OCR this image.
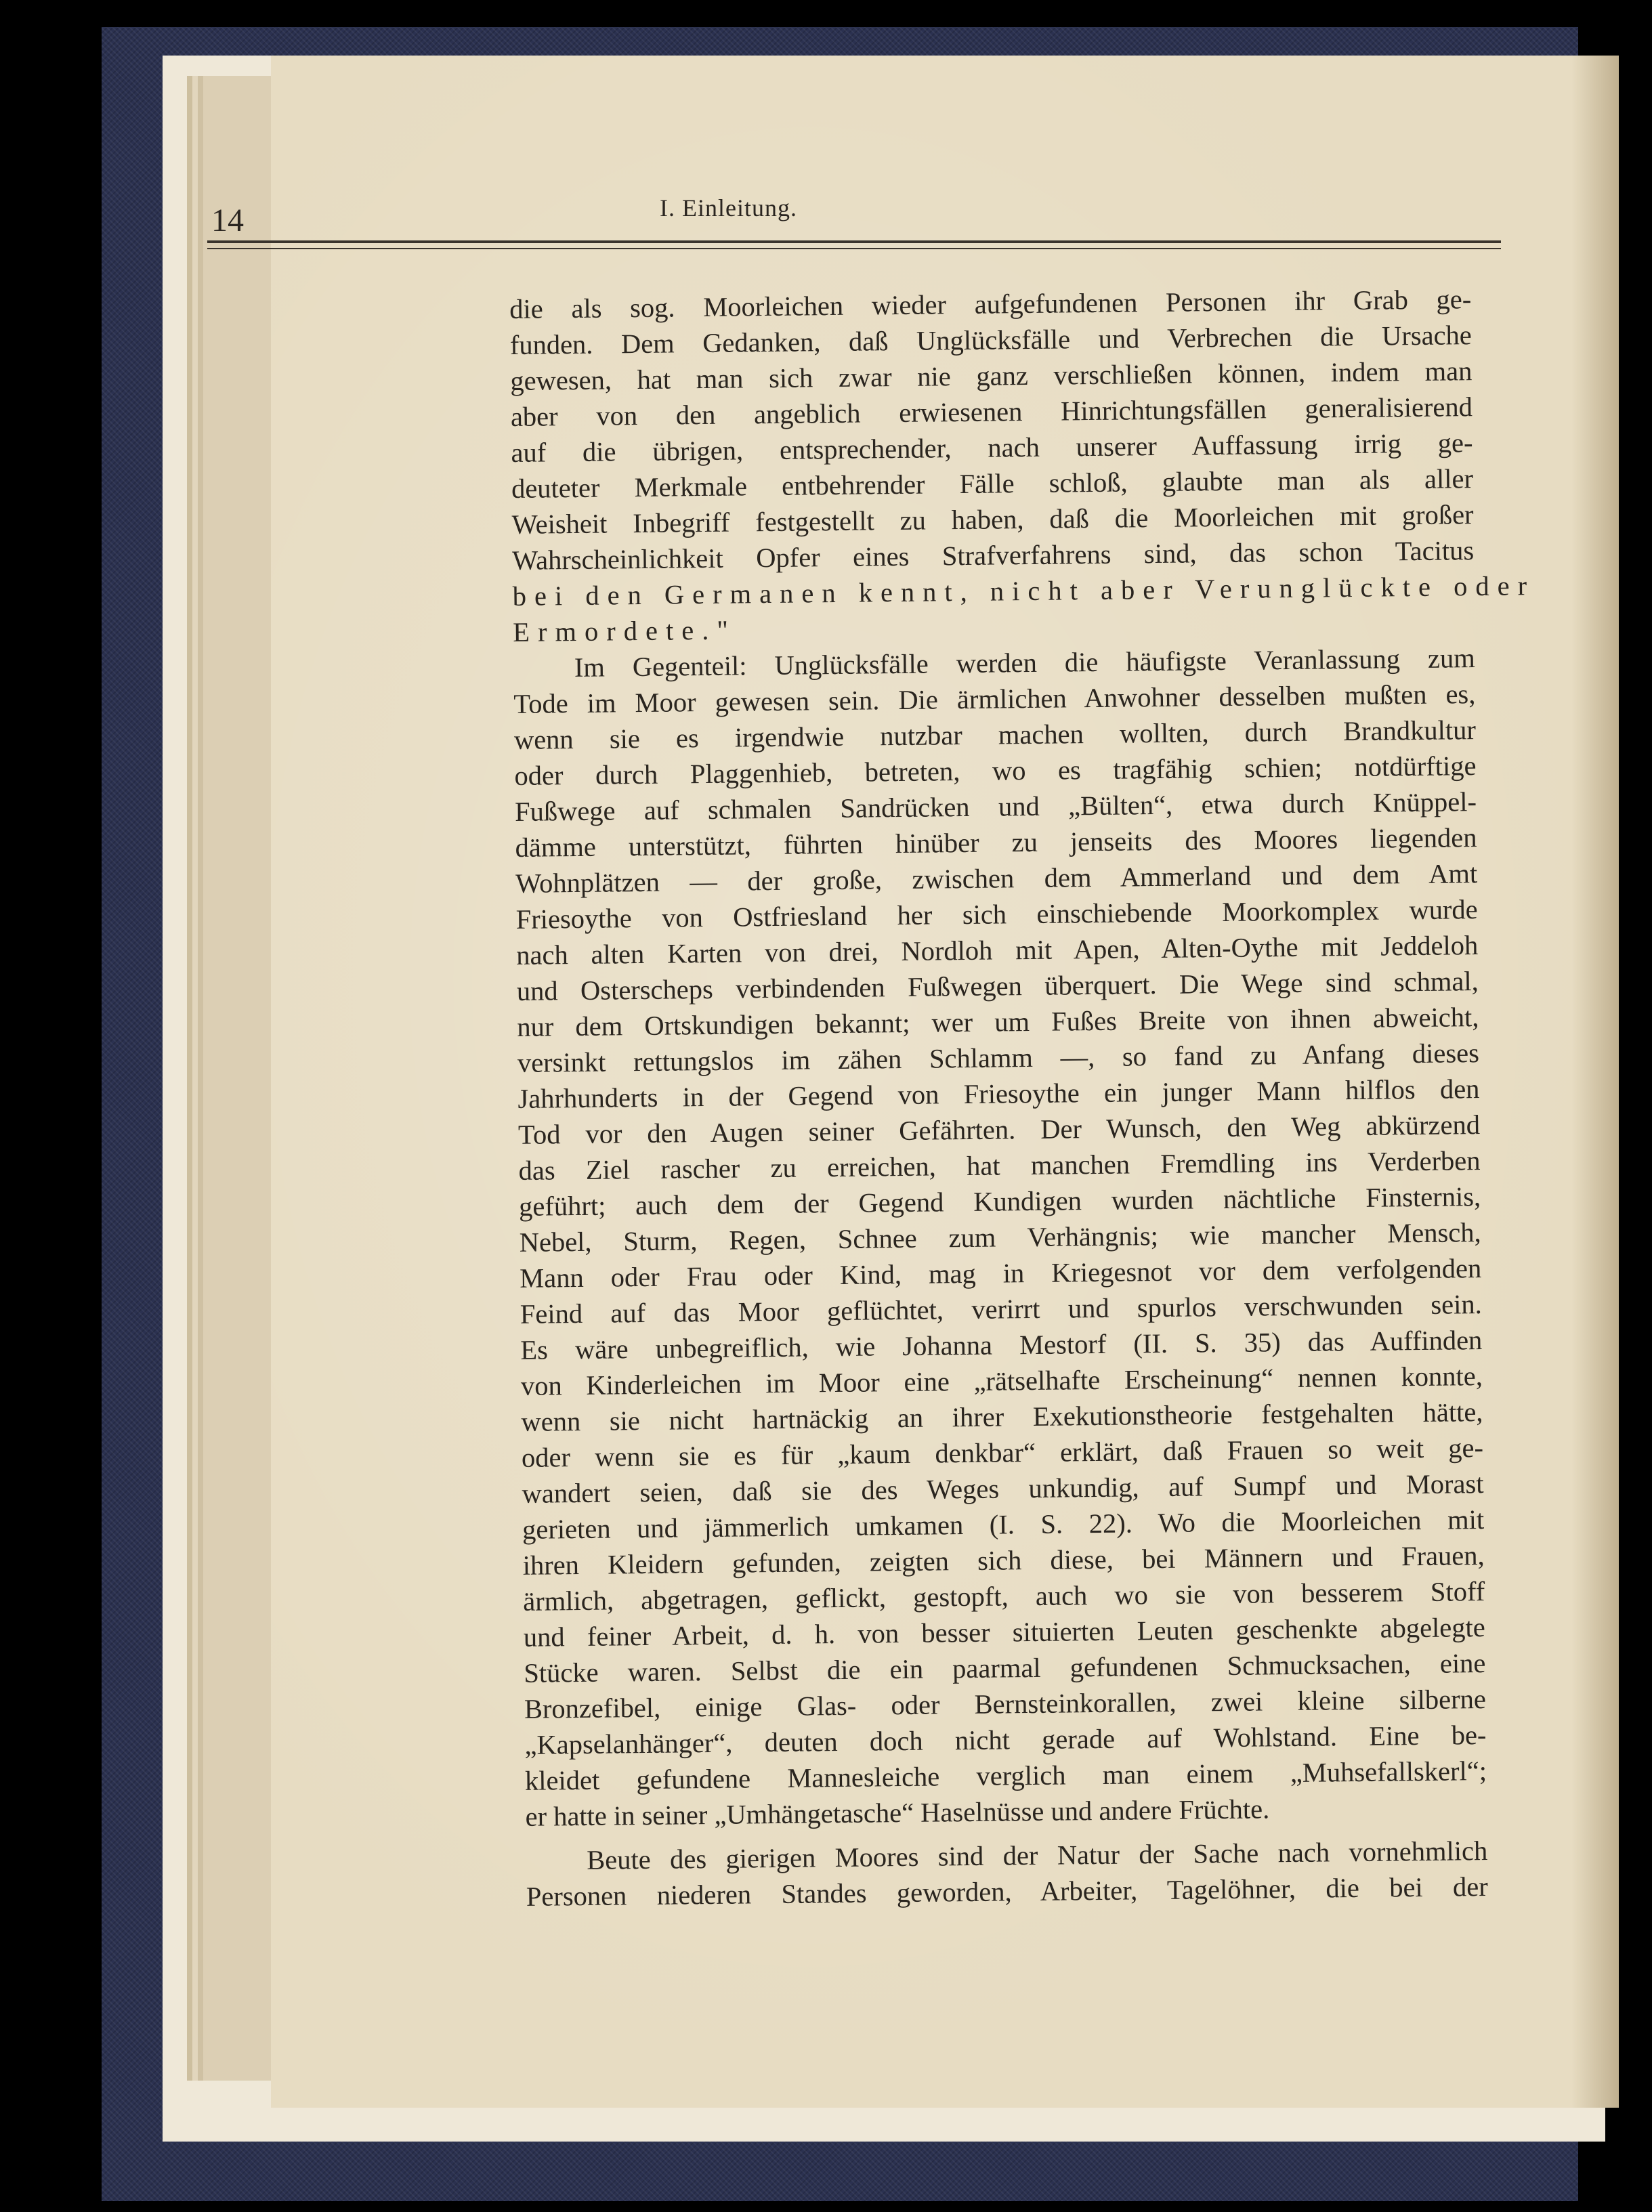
14	I. Einleitung.
die als sog. Moorleichen wieder aufgefundenen Personen ihr Grab ge-
funden. Dem Gedanken, daß Unglücksfälle und Verbrechen die Ursache
gewesen, hat man sich zwar nie ganz verschließen können, indem man
aber von den angeblich erwiesenen Hinrichtungsfällen generalisierend
auf die übrigen, entsprechender, nach unserer Auffassung irrig ge-
deuteter Merkmale entbehrender Fälle schloß, glaubte man als aller
Weisheit Inbegriff festgestellt zu haben, daß die Moorleichen mit großer
Wahrscheinlichkeit Opfer eines Strafverfahrens sind, das schon Tacitus
bei den Germanen kennt, nicht aber Verunglückte oder
Ermordete."
Im Gegenteil: Unglücksfälle werden die häufigste Veranlassung zum
Tode im Moor gewesen sein. Die ärmlichen Anwohner desselben mußten es,
wenn sie es irgendwie nutzbar machen wollten, durch Brandkultur
oder durch Plaggenhieb, betreten, wo es tragfähig schien; notdürftige
Fußwege auf schmalen Sandrücken und „Bülten“, etwa durch Knüppel-
dämme unterstützt, führten hinüber zu jenseits des Moores liegenden
Wohnplätzen — der große, zwischen dem Ammerland und dem Amt
Friesoythe von Ostfriesland her sich einschiebende Moorkomplex wurde
nach alten Karten von drei, Nordloh mit Apen, Alten-Oythe mit Jeddeloh
und Osterscheps verbindenden Fußwegen überquert. Die Wege sind schmal,
nur dem Ortskundigen bekannt; wer um Fußes Breite von ihnen abweicht,
versinkt rettungslos im zähen Schlamm —, so fand zu Anfang dieses
Jahrhunderts in der Gegend von Friesoythe ein junger Mann hilflos den
Tod vor den Augen seiner Gefährten. Der Wunsch, den Weg abkürzend
das Ziel rascher zu erreichen, hat manchen Fremdling ins Verderben
geführt; auch dem der Gegend Kundigen wurden nächtliche Finsternis,
Nebel, Sturm, Regen, Schnee zum Verhängnis; wie mancher Mensch,
Mann oder Frau oder Kind, mag in Kriegesnot vor dem verfolgenden
Feind auf das Moor geflüchtet, verirrt und spurlos verschwunden sein.
Es wäre unbegreiflich, wie Johanna Mestorf (II. S. 35) das Auffinden
von Kinderleichen im Moor eine „rätselhafte Erscheinung“ nennen konnte,
wenn sie nicht hartnäckig an ihrer Exekutionstheorie festgehalten hätte,
oder wenn sie es für „kaum denkbar“ erklärt, daß Frauen so weit ge-
wandert seien, daß sie des Weges unkundig, auf Sumpf und Morast
gerieten und jämmerlich umkamen (I. S. 22). Wo die Moorleichen mit
ihren Kleidern gefunden, zeigten sich diese, bei Männern und Frauen,
ärmlich, abgetragen, geflickt, gestopft, auch wo sie von besserem Stoff
und feiner Arbeit, d. h. von besser situierten Leuten geschenkte abgelegte
Stücke waren. Selbst die ein paarmal gefundenen Schmucksachen, eine
Bronzefibel, einige Glas- oder Bernsteinkorallen, zwei kleine silberne
„Kapselanhänger“, deuten doch nicht gerade auf Wohlstand. Eine be-
kleidet gefundene Mannesleiche verglich man einem „Muhsefallskerl“;
er hatte in seiner „Umhängetasche“ Haselnüsse und andere Früchte.
Beute des gierigen Moores sind der Natur der Sache nach vornehmlich
Personen niederen Standes geworden, Arbeiter, Tagelöhner, die bei der
